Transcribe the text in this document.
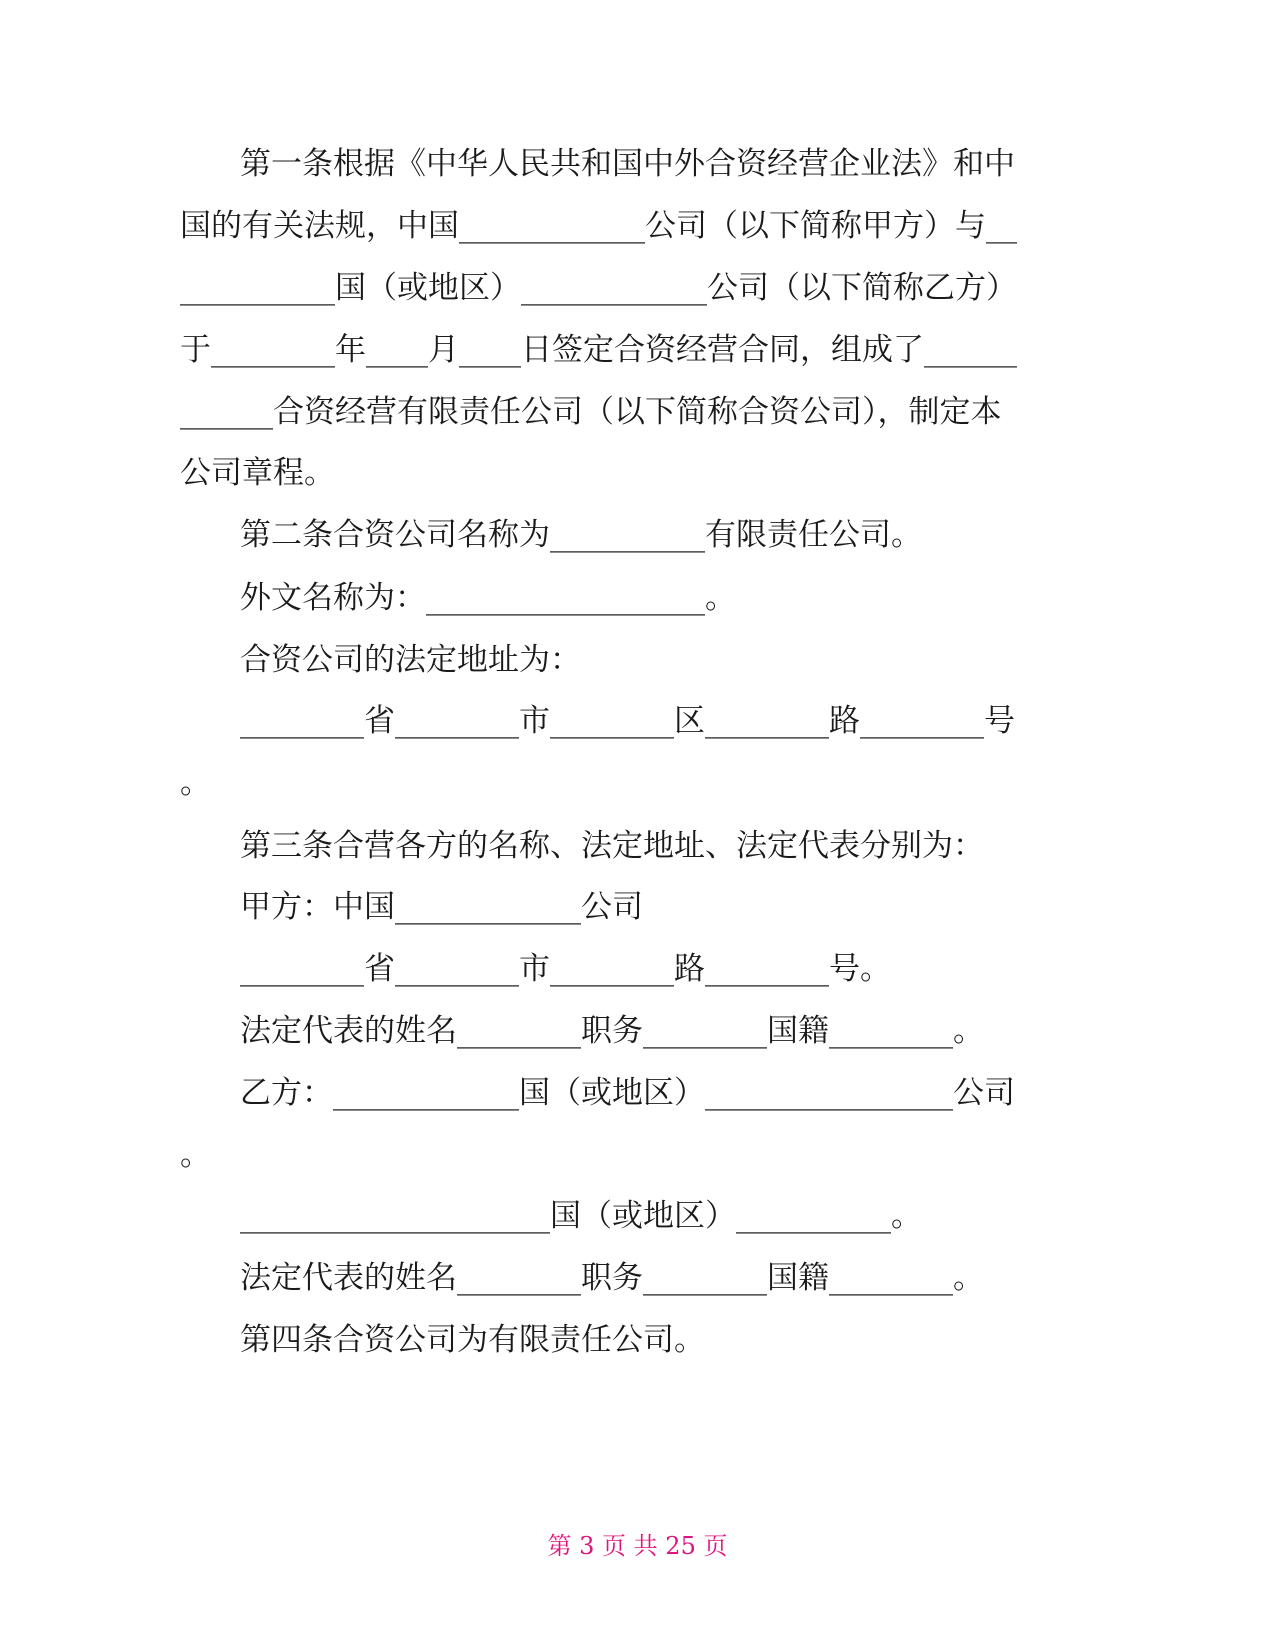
第一条根据《中华人民共和国中外合资经营企业法》和中
国的有关法规，中国____________公司（以下简称甲方）与__
__________国（或地区）____________公司（以下简称乙方）
于________年____月____日签定合资经营合同，组成了______
______合资经营有限责任公司（以下简称合资公司），制定本
公司章程。
第二条合资公司名称为__________有限责任公司。
外文名称为：__________________。
合资公司的法定地址为：
________省________市________区________路________号
。
第三条合营各方的名称、法定地址、法定代表分别为：
甲方：中国____________公司
________省________市________路________号。
法定代表的姓名________职务________国籍________。
乙方：____________国（或地区）________________公司
。
____________________国（或地区）__________。
法定代表的姓名________职务________国籍________。
第四条合资公司为有限责任公司。
第 3 页 共 25 页
